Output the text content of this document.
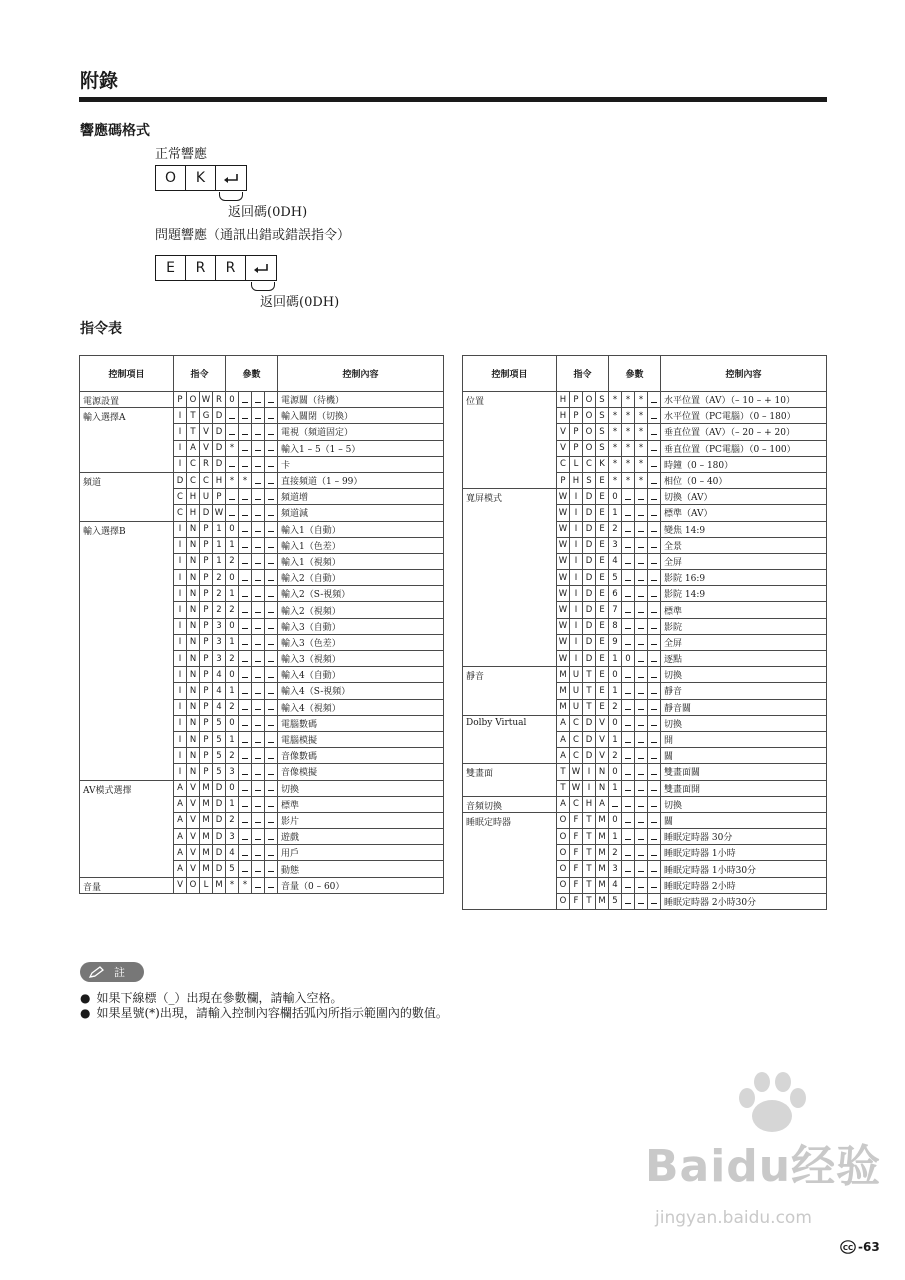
附錄
響應碼格式
正常響應
O	K
返回碼(0DH)
問題響應（通訊出錯或錯誤指令）
E	R	R
返回碼(0DH)
指令表
控制項目	指令				參數				控制內容
電源設置	P	O	W	R	0				電源關（待機）
輸入選擇A	I	T	G	D					輸入關閉（切換）
	I	T	V	D					電視（頻道固定）
	I	A	V	D	*				輸入1 – 5（1 – 5）
	I	C	R	D					卡
頻道	D	C	C	H	*	*			直接頻道（1 – 99）
	C	H	U	P					頻道增
	C	H	D	W					頻道減
輸入選擇B	I	N	P	1	0				輸入1（自動）
	I	N	P	1	1				輸入1（色差）
	I	N	P	1	2				輸入1（視頻）
	I	N	P	2	0				輸入2（自動）
	I	N	P	2	1				輸入2（S-視頻）
	I	N	P	2	2				輸入2（視頻）
	I	N	P	3	0				輸入3（自動）
	I	N	P	3	1				輸入3（色差）
	I	N	P	3	2				輸入3（視頻）
	I	N	P	4	0				輸入4（自動）
	I	N	P	4	1				輸入4（S-視頻）
	I	N	P	4	2				輸入4（視頻）
	I	N	P	5	0				電腦數碼
	I	N	P	5	1				電腦模擬
	I	N	P	5	2				音像數碼
	I	N	P	5	3				音像模擬
AV模式選擇	A	V	M	D	0				切換
	A	V	M	D	1				標準
	A	V	M	D	2				影片
	A	V	M	D	3				遊戲
	A	V	M	D	4				用戶
	A	V	M	D	5				動態
音量	V	O	L	M	*	*			音量（0 – 60）
控制項目	指令				參數				控制內容
位置	H	P	O	S	*	*	*		水平位置（AV）（– 10 – + 10）
	H	P	O	S	*	*	*		水平位置（PC電腦）（0 – 180）
	V	P	O	S	*	*	*		垂直位置（AV）（– 20 – + 20）
	V	P	O	S	*	*	*		垂直位置（PC電腦）（0 – 100）
	C	L	C	K	*	*	*		時鐘（0 – 180）
	P	H	S	E	*	*	*		相位（0 – 40）
寬屏模式	W	I	D	E	0				切換（AV）
	W	I	D	E	1				標準（AV）
	W	I	D	E	2				變焦 14:9
	W	I	D	E	3				全景
	W	I	D	E	4				全屏
	W	I	D	E	5				影院 16:9
	W	I	D	E	6				影院 14:9
	W	I	D	E	7				標準
	W	I	D	E	8				影院
	W	I	D	E	9				全屏
	W	I	D	E	1	0			逐點
靜音	M	U	T	E	0				切換
	M	U	T	E	1				靜音
	M	U	T	E	2				靜音關
Dolby Virtual	A	C	D	V	0				切換
	A	C	D	V	1				開
	A	C	D	V	2				關
雙畫面	T	W	I	N	0				雙畫面關
	T	W	I	N	1				雙畫面開
音頻切換	A	C	H	A					切換
睡眠定時器	O	F	T	M	0				關
	O	F	T	M	1				睡眠定時器 30分
	O	F	T	M	2				睡眠定時器 1小時
	O	F	T	M	3				睡眠定時器 1小時30分
	O	F	T	M	4				睡眠定時器 2小時
	O	F	T	M	5				睡眠定時器 2小時30分
註
● 如果下線標（_）出現在參數欄，請輸入空格。
● 如果星號(*)出現，請輸入控制內容欄括弧內所指示範圍內的數值。
Baidu经验
jingyan.baidu.com
CC -63
